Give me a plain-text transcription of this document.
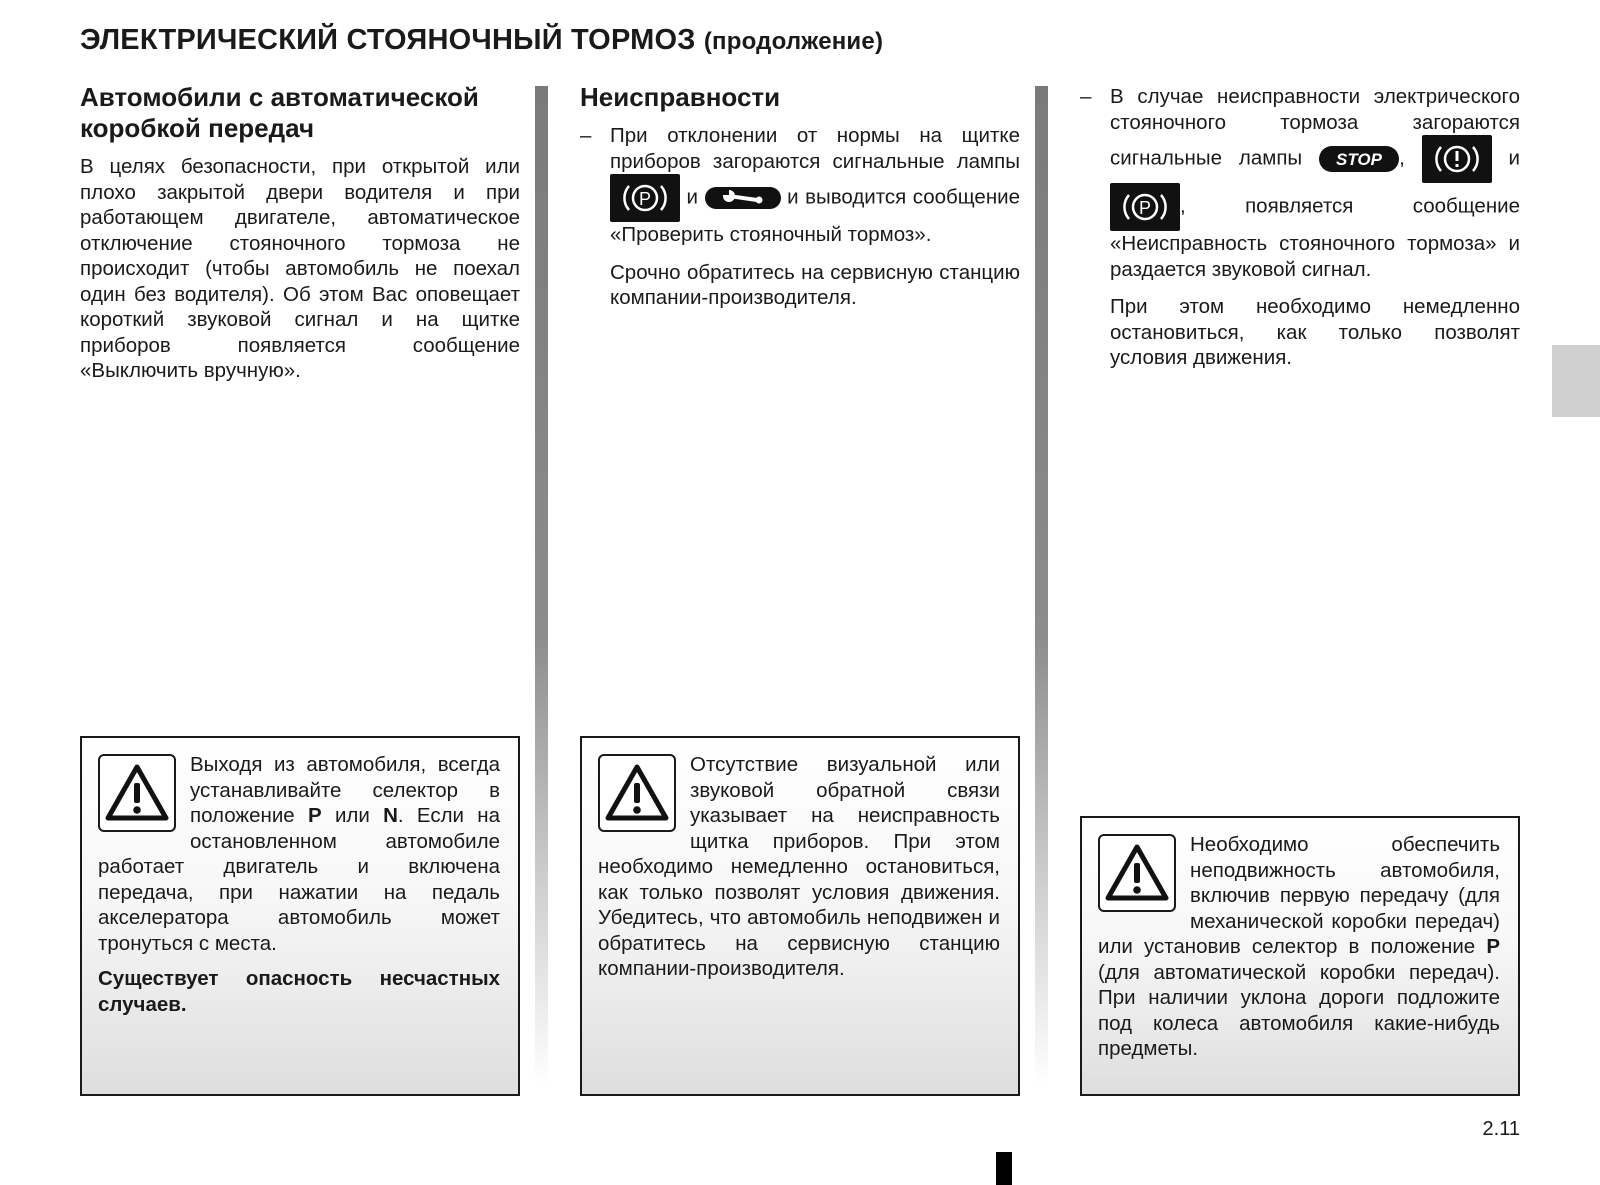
ЭЛЕКТРИЧЕСКИЙ СТОЯНОЧНЫЙ ТОРМОЗ (продолжение)
Автомобили с автоматической коробкой передач

В целях безопасности, при открытой или плохо закрытой двери водителя и при работающем двигателе, автоматическое отключение стояночного тормоза не происходит (чтобы автомобиль не поехал один без водителя). Об этом Вас оповещает короткий звуковой сигнал и на щитке приборов появляется сообщение «Выключить вручную».

Неисправности

– При отклонении от нормы на щитке приборов загораются сигнальные лампы
P и	и выводится сообщение «Проверить стояночный тормоз».

Срочно обратитесь на сервисную станцию компании-производителя.

– В случае неисправности электрического стояночного тормоза загораются сигнальные лампы STOP ,	и
P , появляется сообщение «Неисправность стояночного тормоза» и раздается звуковой сигнал.

При этом необходимо немедленно остановиться, как только позволят условия движения.

Выходя из автомобиля, всегда устанавливайте селектор в положение P или N. Если на остановленном автомобиле работает двигатель и включена передача, при нажатии на педаль акселератора автомобиль может тронуться с места.

Существует опасность несчастных случаев.

Отсутствие визуальной или звуковой обратной связи указывает на неисправность щитка приборов. При этом необходимо немедленно остановиться, как только позволят условия движения. Убедитесь, что автомобиль неподвижен и обратитесь на сервисную станцию компании-производителя.

Необходимо обеспечить неподвижность автомобиля, включив первую передачу (для механической коробки передач) или установив селектор в положение P (для автоматической коробки передач). При наличии уклона дороги подложите под колеса автомобиля какие-нибудь предметы.

2.11
